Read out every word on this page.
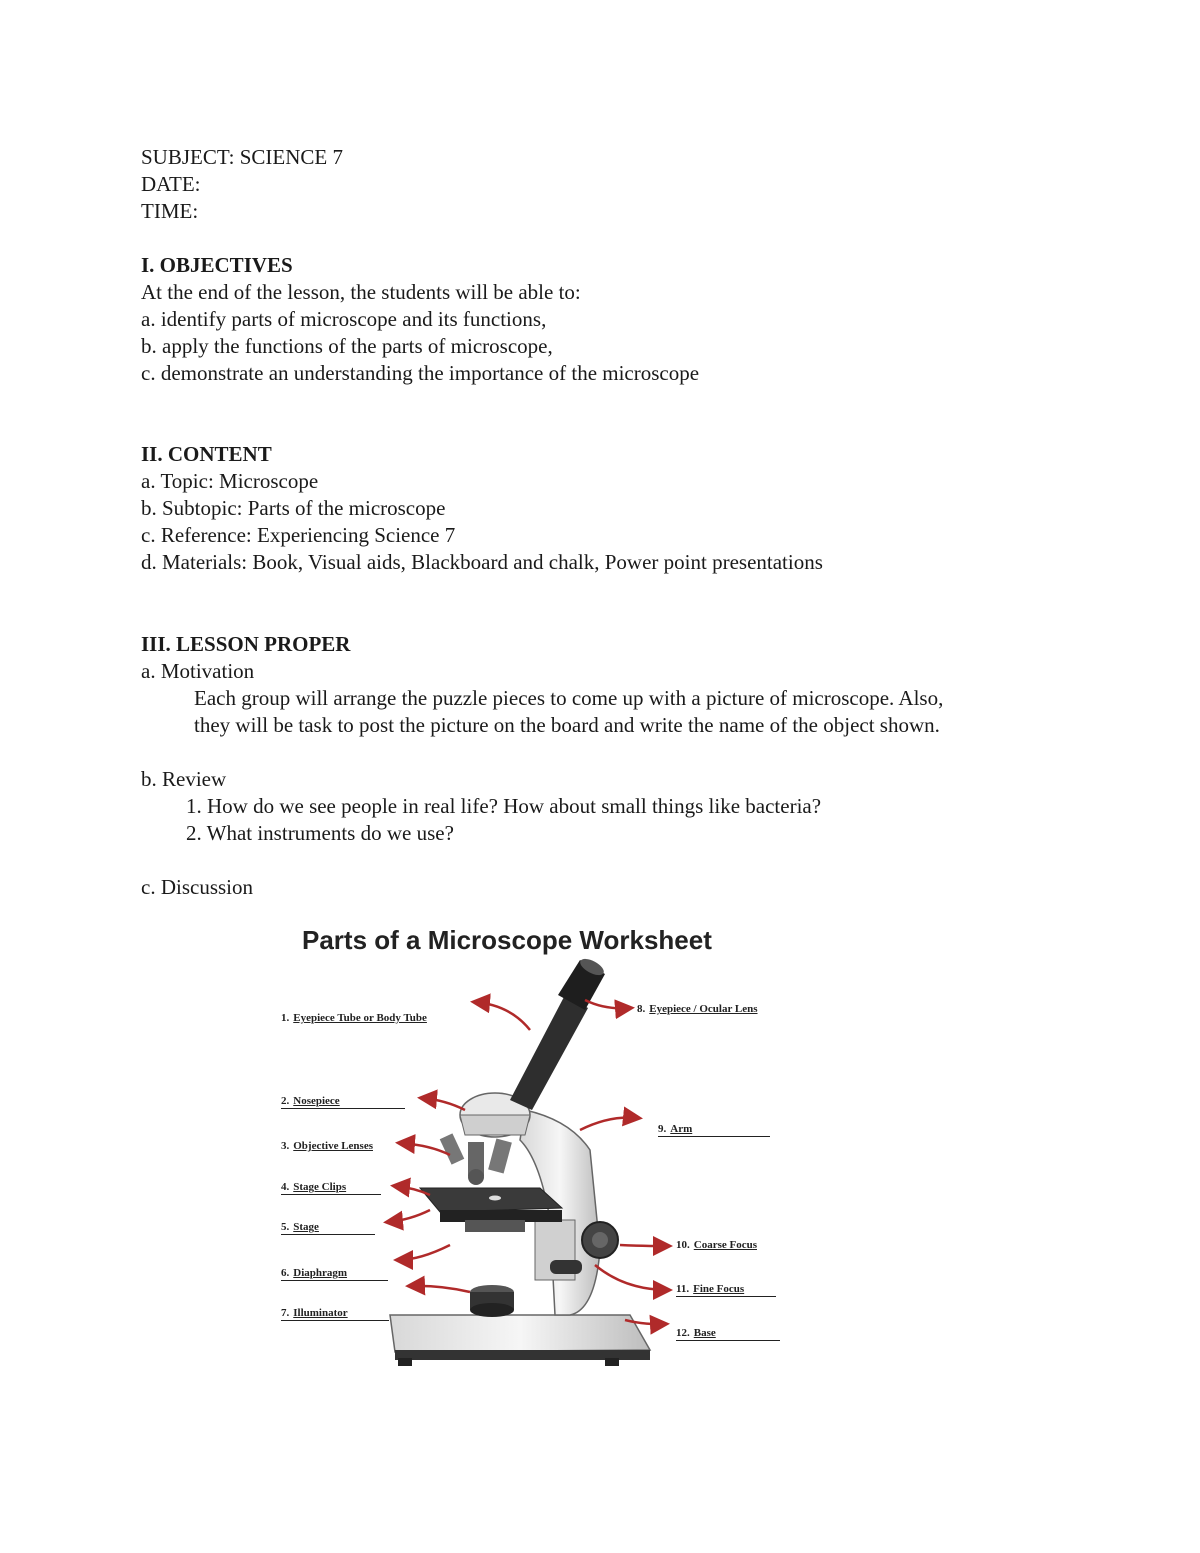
SUBJECT: SCIENCE 7
DATE:
TIME:
I. OBJECTIVES
At the end of the lesson, the students will be able to:
a. identify parts of microscope and its functions,
b. apply the functions of the parts of microscope,
c. demonstrate an understanding the importance of the microscope
II. CONTENT
a. Topic: Microscope
b. Subtopic: Parts of the microscope
c. Reference: Experiencing Science 7
d. Materials: Book, Visual aids, Blackboard and chalk, Power point presentations
III. LESSON PROPER
a. Motivation
Each group will arrange the puzzle pieces to come up with a picture of microscope. Also,
they will be task to post the picture on the board and write the name of the object shown.
b. Review
1. How do we see people in real life? How about small things like bacteria?
2. What instruments do we use?
c. Discussion
Parts of a Microscope Worksheet
1. Eyepiece Tube or Body Tube
2. Nosepiece
3. Objective Lenses
4. Stage Clips
5. Stage
6. Diaphragm
7. Illuminator
8. Eyepiece / Ocular Lens
9. Arm
10. Coarse Focus
11. Fine Focus
12. Base
